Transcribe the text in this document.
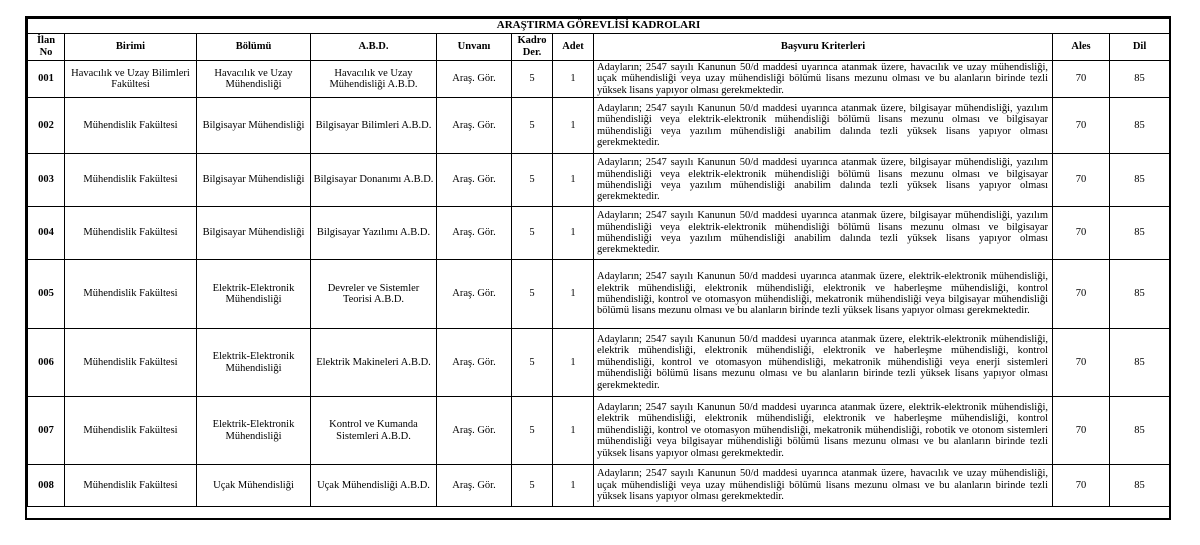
ARAŞTIRMA GÖREVLİSİ KADROLARI									
İlan No	Birimi	Bölümü	A.B.D.	Unvanı	Kadro Der.	Adet	Başvuru Kriterleri	Ales	Dil
001	Havacılık ve Uzay Bilimleri Fakültesi	Havacılık ve Uzay Mühendisliği	Havacılık ve Uzay Mühendisliği A.B.D.	Araş. Gör.	5	1	Adayların; 2547 sayılı Kanunun 50/d maddesi uyarınca atanmak üzere, havacılık ve uzay mühendisliği, uçak mühendisliği veya uzay mühendisliği bölümü lisans mezunu olması ve bu alanların birinde tezli yüksek lisans yapıyor olması gerekmektedir.	70	85
002	Mühendislik Fakültesi	Bilgisayar Mühendisliği	Bilgisayar Bilimleri A.B.D.	Araş. Gör.	5	1	Adayların; 2547 sayılı Kanunun 50/d maddesi uyarınca atanmak üzere, bilgisayar mühendisliği, yazılım mühendisliği veya elektrik-elektronik mühendisliği bölümü lisans mezunu olması ve bilgisayar mühendisliği veya yazılım mühendisliği anabilim dalında tezli yüksek lisans yapıyor olması gerekmektedir.	70	85
003	Mühendislik Fakültesi	Bilgisayar Mühendisliği	Bilgisayar Donanımı A.B.D.	Araş. Gör.	5	1	Adayların; 2547 sayılı Kanunun 50/d maddesi uyarınca atanmak üzere, bilgisayar mühendisliği, yazılım mühendisliği veya elektrik-elektronik mühendisliği bölümü lisans mezunu olması ve bilgisayar mühendisliği veya yazılım mühendisliği anabilim dalında tezli yüksek lisans yapıyor olması gerekmektedir.	70	85
004	Mühendislik Fakültesi	Bilgisayar Mühendisliği	Bilgisayar Yazılımı A.B.D.	Araş. Gör.	5	1	Adayların; 2547 sayılı Kanunun 50/d maddesi uyarınca atanmak üzere, bilgisayar mühendisliği, yazılım mühendisliği veya elektrik-elektronik mühendisliği bölümü lisans mezunu olması ve bilgisayar mühendisliği veya yazılım mühendisliği anabilim dalında tezli yüksek lisans yapıyor olması gerekmektedir.	70	85
005	Mühendislik Fakültesi	Elektrik-Elektronik Mühendisliği	Devreler ve Sistemler Teorisi A.B.D.	Araş. Gör.	5	1	Adayların; 2547 sayılı Kanunun 50/d maddesi uyarınca atanmak üzere, elektrik-elektronik mühendisliği, elektrik mühendisliği, elektronik mühendisliği, elektronik ve haberleşme mühendisliği, kontrol mühendisliği, kontrol ve otomasyon mühendisliği, mekatronik mühendisliği veya bilgisayar mühendisliği bölümü lisans mezunu olması ve bu alanların birinde tezli yüksek lisans yapıyor olması gerekmektedir.	70	85
006	Mühendislik Fakültesi	Elektrik-Elektronik Mühendisliği	Elektrik Makineleri A.B.D.	Araş. Gör.	5	1	Adayların; 2547 sayılı Kanunun 50/d maddesi uyarınca atanmak üzere, elektrik-elektronik mühendisliği, elektrik mühendisliği, elektronik mühendisliği, elektronik ve haberleşme mühendisliği, kontrol mühendisliği, kontrol ve otomasyon mühendisliği, mekatronik mühendisliği veya enerji sistemleri mühendisliği bölümü lisans mezunu olması ve bu alanların birinde tezli yüksek lisans yapıyor olması gerekmektedir.	70	85
007	Mühendislik Fakültesi	Elektrik-Elektronik Mühendisliği	Kontrol ve Kumanda Sistemleri A.B.D.	Araş. Gör.	5	1	Adayların; 2547 sayılı Kanunun 50/d maddesi uyarınca atanmak üzere, elektrik-elektronik mühendisliği, elektrik mühendisliği, elektronik mühendisliği, elektronik ve haberleşme mühendisliği, kontrol mühendisliği, kontrol ve otomasyon mühendisliği, mekatronik mühendisliği, robotik ve otonom sistemleri mühendisliği veya bilgisayar mühendisliği bölümü lisans mezunu olması ve bu alanların birinde tezli yüksek lisans yapıyor olması gerekmektedir.	70	85
008	Mühendislik Fakültesi	Uçak Mühendisliği	Uçak Mühendisliği A.B.D.	Araş. Gör.	5	1	Adayların; 2547 sayılı Kanunun 50/d maddesi uyarınca atanmak üzere, havacılık ve uzay mühendisliği, uçak mühendisliği veya uzay mühendisliği bölümü lisans mezunu olması ve bu alanların birinde tezli yüksek lisans yapıyor olması gerekmektedir.	70	85
